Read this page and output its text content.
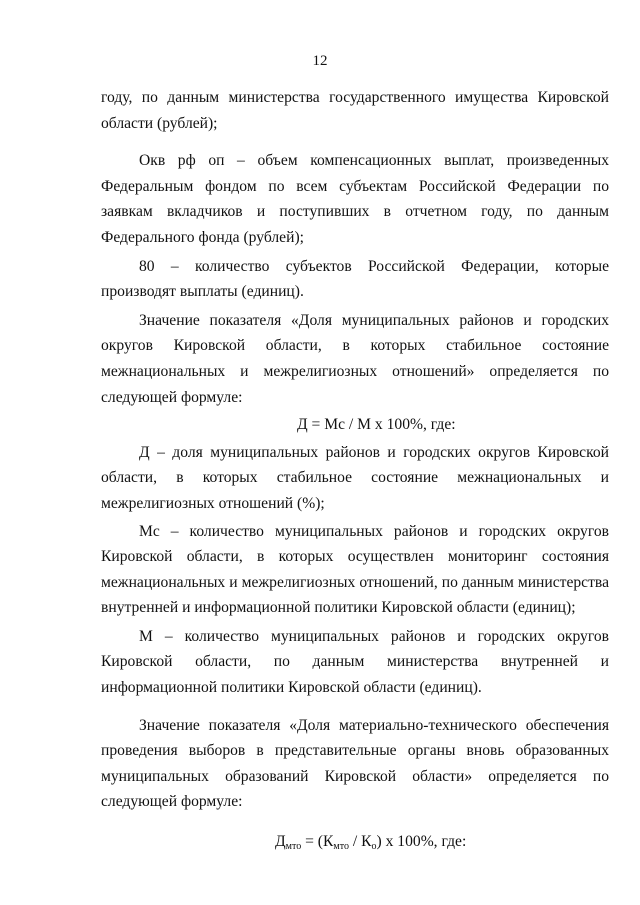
12

году, по данным министерства государственного имущества Кировской области (рублей);

Окв рф оп – объем компенсационных выплат, произведенных Федеральным фондом по всем субъектам Российской Федерации по заявкам вкладчиков и поступивших в отчетном году, по данным Федерального фонда (рублей);

80 – количество субъектов Российской Федерации, которые производят выплаты (единиц).

Значение показателя «Доля муниципальных районов и городских округов Кировской области, в которых стабильное состояние межнациональных и межрелигиозных отношений» определяется по следующей формуле:

Д = Мс / М х 100%, где:

Д – доля муниципальных районов и городских округов Кировской области, в которых стабильное состояние межнациональных и межрелигиозных отношений (%);

Мс – количество муниципальных районов и городских округов Кировской области, в которых осуществлен мониторинг состояния межнациональных и межрелигиозных отношений, по данным министерства внутренней и информационной политики Кировской области (единиц);

М – количество муниципальных районов и городских округов Кировской области, по данным министерства внутренней и информационной политики Кировской области (единиц).

Значение показателя «Доля материально-технического обеспечения проведения выборов в представительные органы вновь образованных муниципальных образований Кировской области» определяется по следующей формуле:

$Д_{мто} = (К_{мто} / К_о)$ х 100%, где:
